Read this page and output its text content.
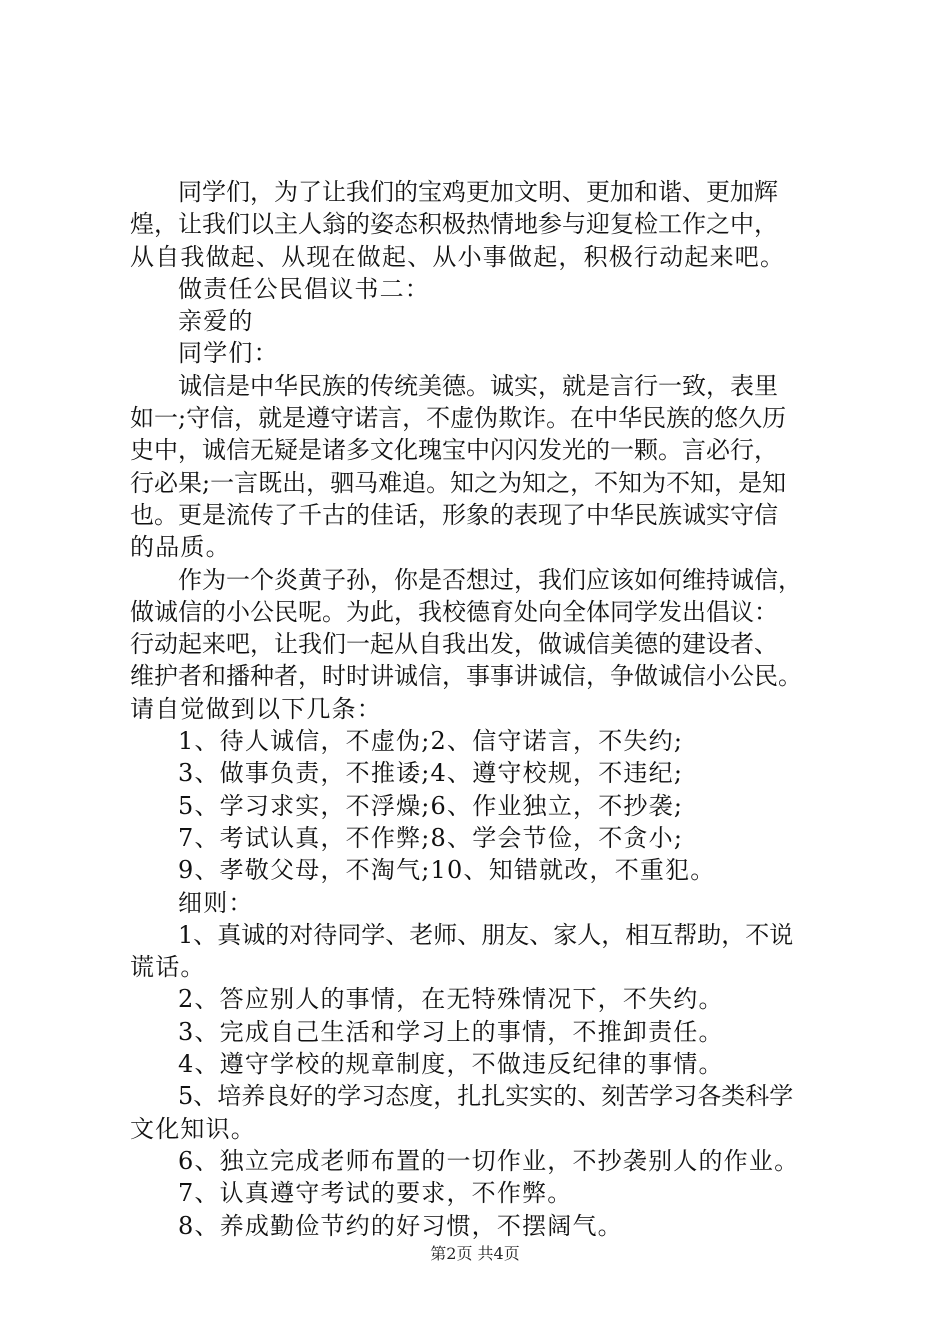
同学们，为了让我们的宝鸡更加文明、更加和谐、更加辉
煌，让我们以主人翁的姿态积极热情地参与迎复检工作之中，
从自我做起、从现在做起、从小事做起，积极行动起来吧。
做责任公民倡议书二：
亲爱的
同学们：
诚信是中华民族的传统美德。诚实，就是言行一致，表里
如一;守信，就是遵守诺言，不虚伪欺诈。在中华民族的悠久历
史中，诚信无疑是诸多文化瑰宝中闪闪发光的一颗。言必行，
行必果;一言既出，驷马难追。知之为知之，不知为不知，是知
也。更是流传了千古的佳话，形象的表现了中华民族诚实守信
的品质。
作为一个炎黄子孙，你是否想过，我们应该如何维持诚信，
做诚信的小公民呢。为此，我校德育处向全体同学发出倡议：
行动起来吧，让我们一起从自我出发，做诚信美德的建设者、
维护者和播种者，时时讲诚信，事事讲诚信，争做诚信小公民。
请自觉做到以下几条：
1、待人诚信，不虚伪;2、信守诺言，不失约;
3、做事负责，不推诿;4、遵守校规，不违纪;
5、学习求实，不浮燥;6、作业独立，不抄袭;
7、考试认真，不作弊;8、学会节俭，不贪小;
9、孝敬父母，不淘气;10、知错就改，不重犯。
细则：
1、真诚的对待同学、老师、朋友、家人，相互帮助，不说
谎话。
2、答应别人的事情，在无特殊情况下，不失约。
3、完成自己生活和学习上的事情，不推卸责任。
4、遵守学校的规章制度，不做违反纪律的事情。
5、培养良好的学习态度，扎扎实实的、刻苦学习各类科学
文化知识。
6、独立完成老师布置的一切作业，不抄袭别人的作业。
7、认真遵守考试的要求，不作弊。
8、养成勤俭节约的好习惯，不摆阔气。
第2页 共4页
